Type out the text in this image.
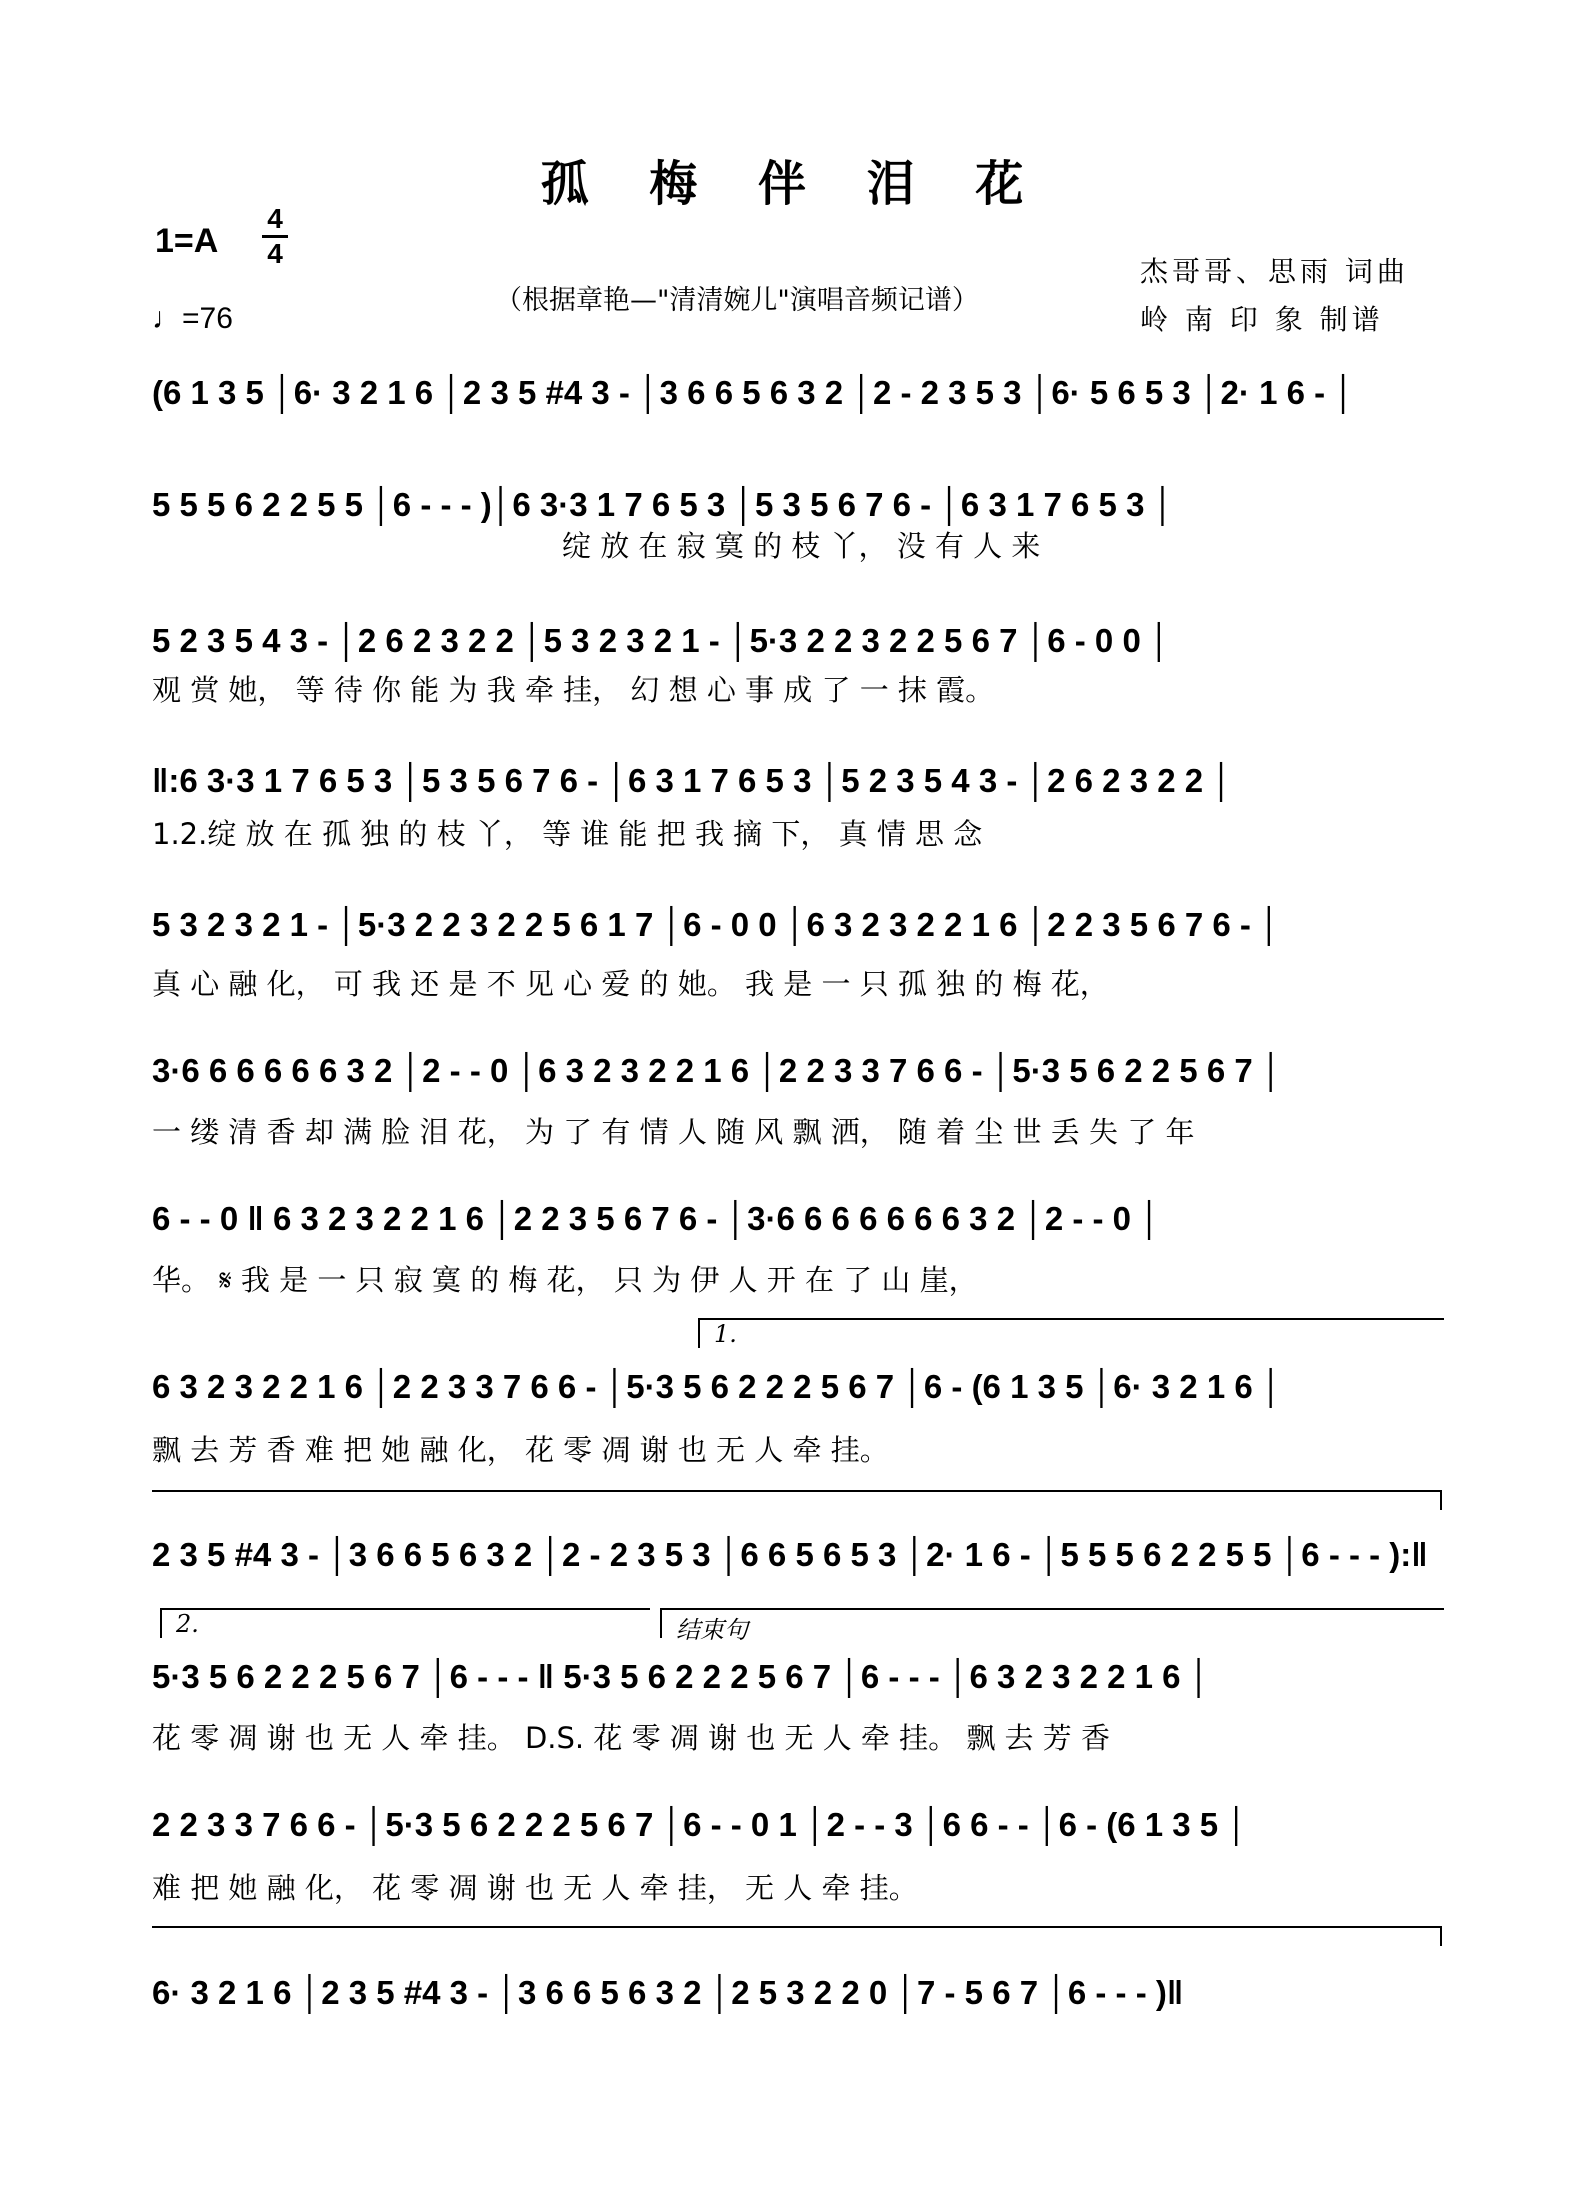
孤 梅 伴 泪 花
1=A
4
4
♩=76
（根据章艳—"清清婉儿"演唱音频记谱）
杰哥哥、思雨 词曲
岭 南 印 象 制谱
(6 1 3 5 │6· 3 2 1 6 │2 3 5 #4 3 - │3 6 6 5 6 3 2 │2 - 2 3 5 3 │6· 5 6 5 3 │2· 1 6 - │
5 5 5 6 2 2 5 5 │6 - - - )│6 3·3 1 7 6 5 3 │5 3 5 6 7 6 - │6 3 1 7 6 5 3 │
绽 放 在 寂 寞 的 枝 丫， 没 有 人 来
5 2 3 5 4 3 - │2 6 2 3 2 2 │5 3 2 3 2 1 - │5·3 2 2 3 2 2 5 6 7 │6 - 0 0 │
观 赏 她， 等 待 你 能 为 我 牵 挂， 幻 想 心 事 成 了 一 抹 霞。
‖:6 3·3 1 7 6 5 3 │5 3 5 6 7 6 - │6 3 1 7 6 5 3 │5 2 3 5 4 3 - │2 6 2 3 2 2 │
1.2.绽 放 在 孤 独 的 枝 丫， 等 谁 能 把 我 摘 下， 真 情 思 念
5 3 2 3 2 1 - │5·3 2 2 3 2 2 5 6 1 7 │6 - 0 0 │6 3 2 3 2 2 1 6 │2 2 3 5 6 7 6 - │
真 心 融 化， 可 我 还 是 不 见 心 爱 的 她。 我 是 一 只 孤 独 的 梅 花，
3·6 6 6 6 6 6 3 2 │2 - - 0 │6 3 2 3 2 2 1 6 │2 2 3 3 7 6 6 - │5·3 5 6 2 2 5 6 7 │
一 缕 清 香 却 满 脸 泪 花， 为 了 有 情 人 随 风 飘 洒， 随 着 尘 世 丢 失 了 年
6 - - 0 ‖ 6 3 2 3 2 2 1 6 │2 2 3 5 6 7 6 - │3·6 6 6 6 6 6 6 3 2 │2 - - 0 │
华。 𝄋 我 是 一 只 寂 寞 的 梅 花， 只 为 伊 人 开 在 了 山 崖，
1.
6 3 2 3 2 2 1 6 │2 2 3 3 7 6 6 - │5·3 5 6 2 2 2 5 6 7 │6 - (6 1 3 5 │6· 3 2 1 6 │
飘 去 芳 香 难 把 她 融 化， 花 零 凋 谢 也 无 人 牵 挂。
2 3 5 #4 3 - │3 6 6 5 6 3 2 │2 - 2 3 5 3 │6 6 5 6 5 3 │2· 1 6 - │5 5 5 6 2 2 5 5 │6 - - - ):‖
2.	结束句
5·3 5 6 2 2 2 5 6 7 │6 - - - ‖ 5·3 5 6 2 2 2 5 6 7 │6 - - - │6 3 2 3 2 2 1 6 │
花 零 凋 谢 也 无 人 牵 挂。 D.S. 花 零 凋 谢 也 无 人 牵 挂。 飘 去 芳 香
2 2 3 3 7 6 6 - │5·3 5 6 2 2 2 5 6 7 │6 - - 0 1 │2 - - 3 │6 6 - - │6 - (6 1 3 5 │
难 把 她 融 化， 花 零 凋 谢 也 无 人 牵 挂， 无 人 牵 挂。
6· 3 2 1 6 │2 3 5 #4 3 - │3 6 6 5 6 3 2 │2 5 3 2 2 0 │7 - 5 6 7 │6 - - - )‖
